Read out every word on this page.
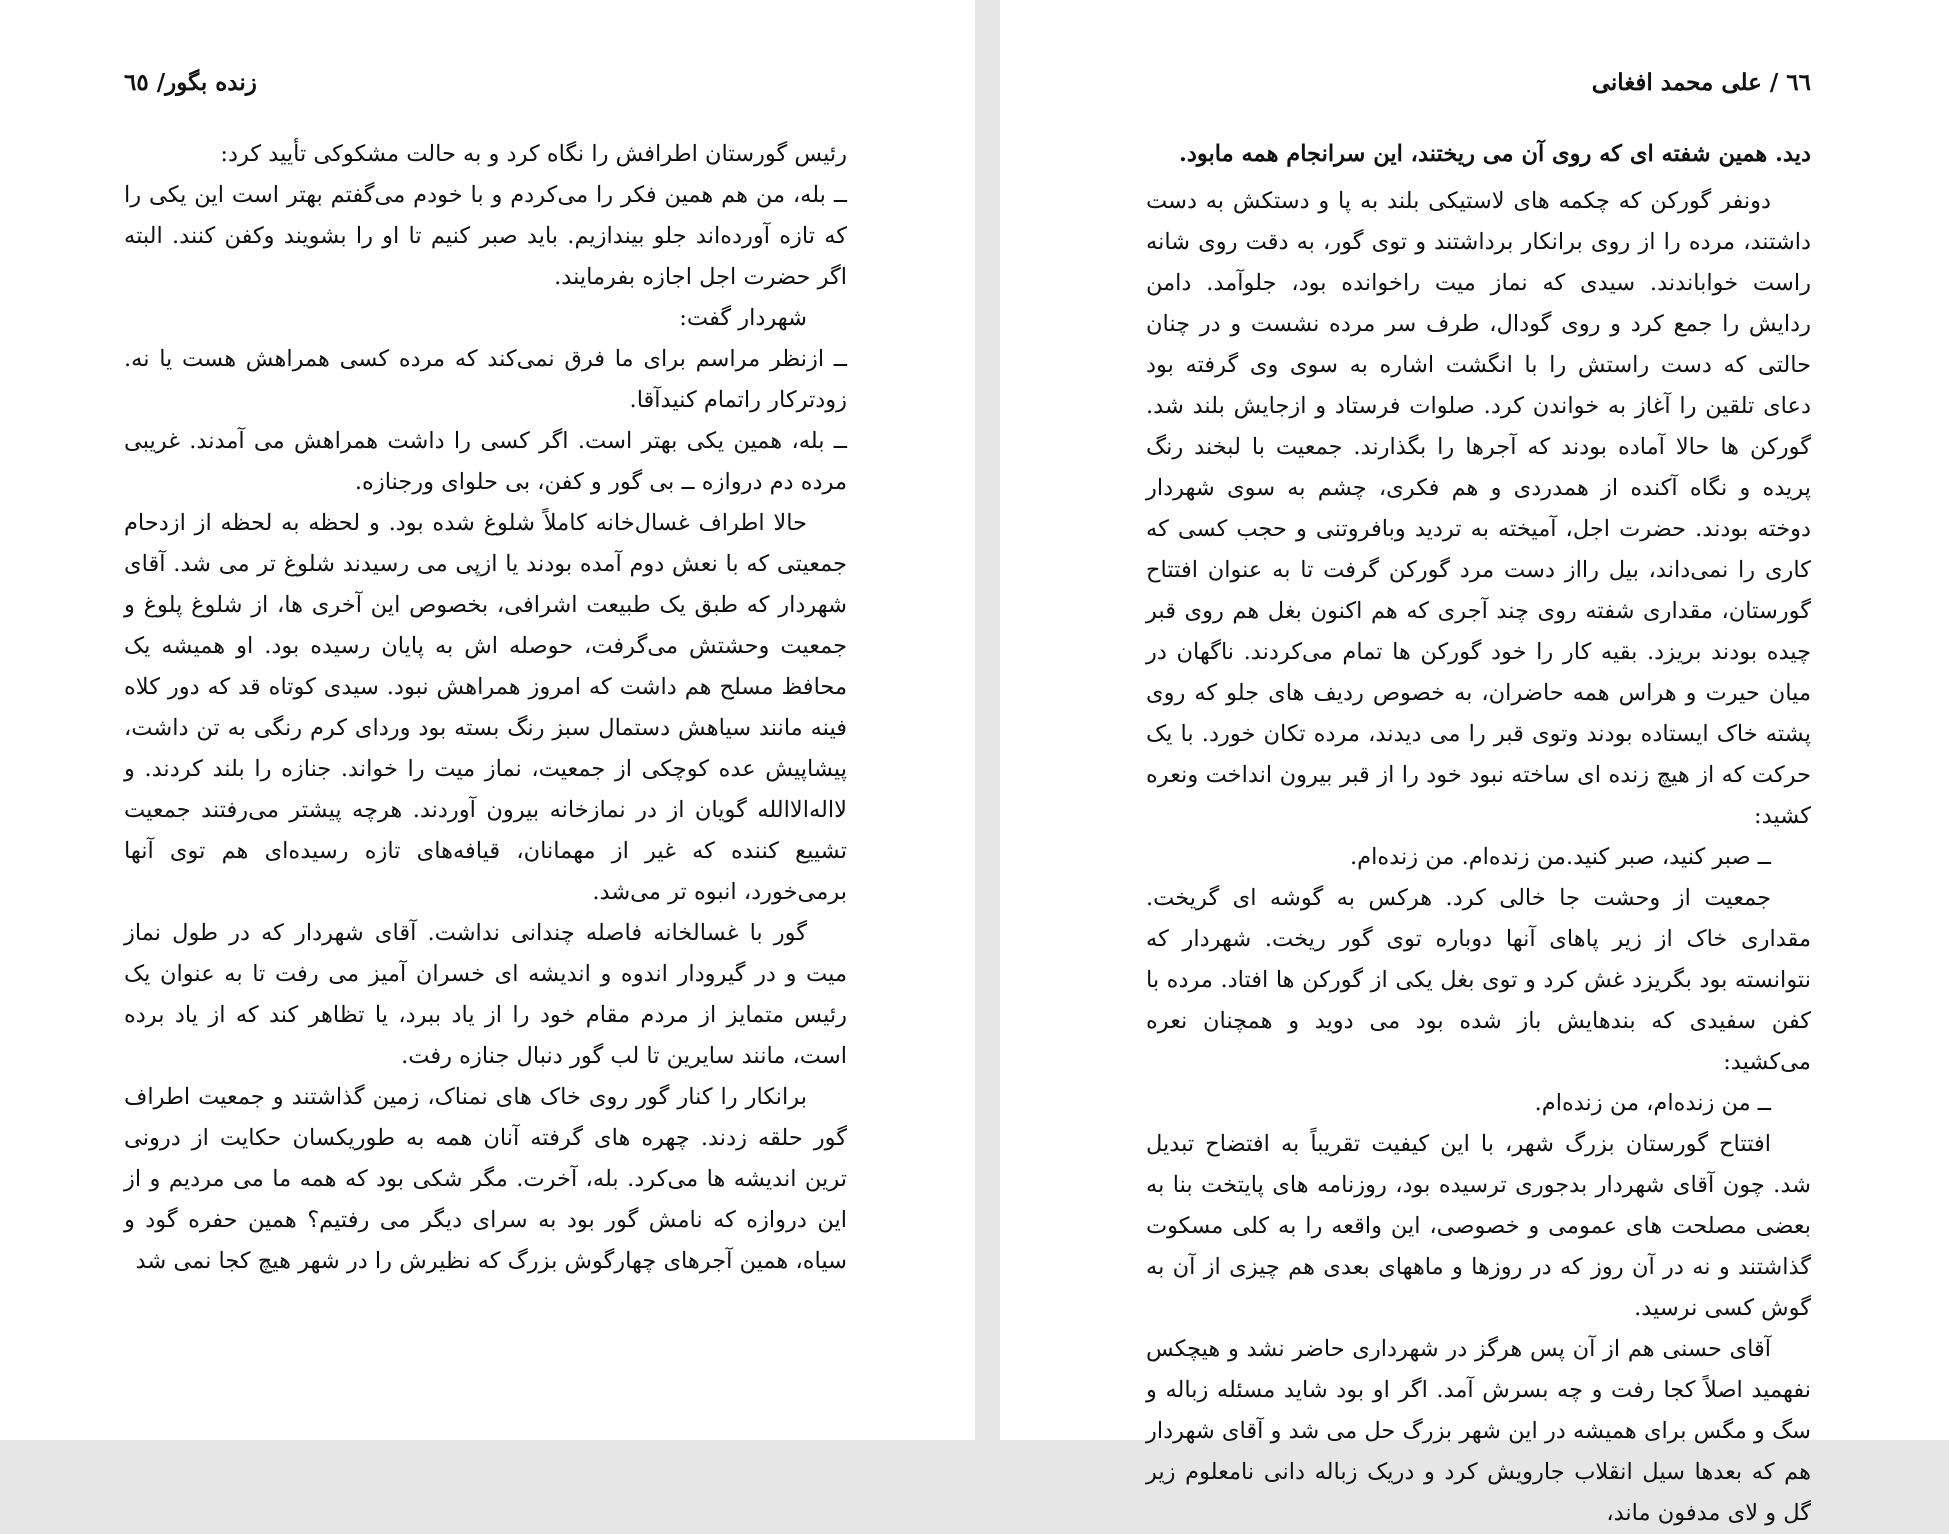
زنده بگور/ ٦٥

رئیس گورستان اطرافش را نگاه کرد و به حالت مشکوکی تأیید کرد:

ــ بله، من هم همین فکر را می‌کردم و با خودم می‌گفتم بهتر است این یکی را که تازه آورده‌اند جلو بیندازیم. باید صبر کنیم تا او را بشویند وکفن کنند. البته اگر حضرت اجل اجازه بفرمایند.

شهردار گفت:

ــ ازنظر مراسم برای ما فرق نمی‌کند که مرده کسی همراهش هست یا نه. زودترکار راتمام کنیدآقا.

ــ بله، همین یکی بهتر است. اگر کسی را داشت همراهش می آمدند. غریبی مرده دم دروازه ــ بی گور و کفن، بی حلوای ورجنازه.

حالا اطراف غسال‌خانه کاملاً شلوغ شده بود. و لحظه به لحظه از ازدحام جمعیتی که با نعش دوم آمده بودند یا ازپی می رسیدند شلوغ تر می شد. آقای شهردار که طبق یک طبیعت اشرافی، بخصوص این آخری ها، از شلوغ پلوغ و جمعیت وحشتش می‌گرفت، حوصله اش به پایان رسیده بود. او همیشه یک محافظ مسلح هم داشت که امروز همراهش نبود. سیدی کوتاه قد که دور کلاه فینه مانند سیاهش دستمال سبز رنگ بسته بود وردای کرم رنگی به تن داشت، پیشاپیش عده کوچکی از جمعیت، نماز میت را خواند. جنازه را بلند کردند. و لااله‌الاالله گویان از در نمازخانه بیرون آوردند. هرچه پیشتر می‌رفتند جمعیت تشییع کننده که غیر از مهمانان، قیافه‌های تازه رسیده‌ای هم توی آنها برمی‌خورد، انبوه تر می‌شد.

گور با غسالخانه فاصله چندانی نداشت. آقای شهردار که در طول نماز میت و در گیرودار اندوه و اندیشه ای خسران آمیز می رفت تا به عنوان یک رئیس متمایز از مردم مقام خود را از یاد ببرد، یا تظاهر کند که از یاد برده است، مانند سایرین تا لب گور دنبال جنازه رفت.

برانکار را کنار گور روی خاک های نمناک، زمین گذاشتند و جمعیت اطراف گور حلقه زدند. چهره های گرفته آنان همه به طوریکسان حکایت از درونی ترین اندیشه ها می‌کرد. بله، آخرت. مگر شکی بود که همه ما می مردیم و از این دروازه که نامش گور بود به سرای دیگر می رفتیم؟ همین حفره گود و سیاه، همین آجرهای چهارگوش بزرگ که نظیرش را در شهر هیچ کجا نمی شد

٦٦ / علی محمد افغانی

دید. همین شفته ای که روی آن می ریختند، این سرانجام همه مابود.

دونفر گورکن که چکمه های لاستیکی بلند به پا و دستکش به دست داشتند، مرده را از روی برانکار برداشتند و توی گور، به دقت روی شانه راست خواباندند. سیدی که نماز میت راخوانده بود، جلوآمد. دامن ردایش را جمع کرد و روی گودال، طرف سر مرده نشست و در چنان حالتی که دست راستش را با انگشت اشاره به سوی وی گرفته بود دعای تلقین را آغاز به خواندن کرد. صلوات فرستاد و ازجایش بلند شد. گورکن ها حالا آماده بودند که آجرها را بگذارند. جمعیت با لبخند رنگ پریده و نگاه آکنده از همدردی و هم فکری، چشم به سوی شهردار دوخته بودند. حضرت اجل، آمیخته به تردید وبافروتنی و حجب کسی که کاری را نمی‌داند، بیل رااز دست مرد گورکن گرفت تا به عنوان افتتاح گورستان، مقداری شفته روی چند آجری که هم اکنون بغل هم روی قبر چیده بودند بریزد. بقیه کار را خود گورکن ها تمام می‌کردند. ناگهان در میان حیرت و هراس همه حاضران، به خصوص ردیف های جلو که روی پشته خاک ایستاده بودند وتوی قبر را می دیدند، مرده تکان خورد. با یک حرکت که از هیچ زنده ای ساخته نبود خود را از قبر بیرون انداخت ونعره کشید:

ــ صبر کنید، صبر کنید.من زنده‌ام. من زنده‌ام.

جمعیت از وحشت جا خالی کرد. هرکس به گوشه ای گریخت. مقداری خاک از زیر پاهای آنها دوباره توی گور ریخت. شهردار که نتوانسته بود بگریزد غش کرد و توی بغل یکی از گورکن ها افتاد. مرده با کفن سفیدی که بندهایش باز شده بود می دوید و همچنان نعره می‌کشید:

ــ من زنده‌ام، من زنده‌ام.

افتتاح گورستان بزرگ شهر، با این کیفیت تقریباً به افتضاح تبدیل شد. چون آقای شهردار بدجوری ترسیده بود، روزنامه های پایتخت بنا به بعضی مصلحت های عمومی و خصوصی، این واقعه را به کلی مسکوت گذاشتند و نه در آن روز که در روزها و ماههای بعدی هم چیزی از آن به گوش کسی نرسید.

آقای حسنی هم از آن پس هرگز در شهرداری حاضر نشد و هیچکس نفهمید اصلاً کجا رفت و چه بسرش آمد. اگر او بود شاید مسئله زباله و سگ و مگس برای همیشه در این شهر بزرگ حل می شد و آقای شهردار هم که بعدها سیل انقلاب جارویش کرد و دریک زباله دانی نامعلوم زیر گل و لای مدفون ماند،
